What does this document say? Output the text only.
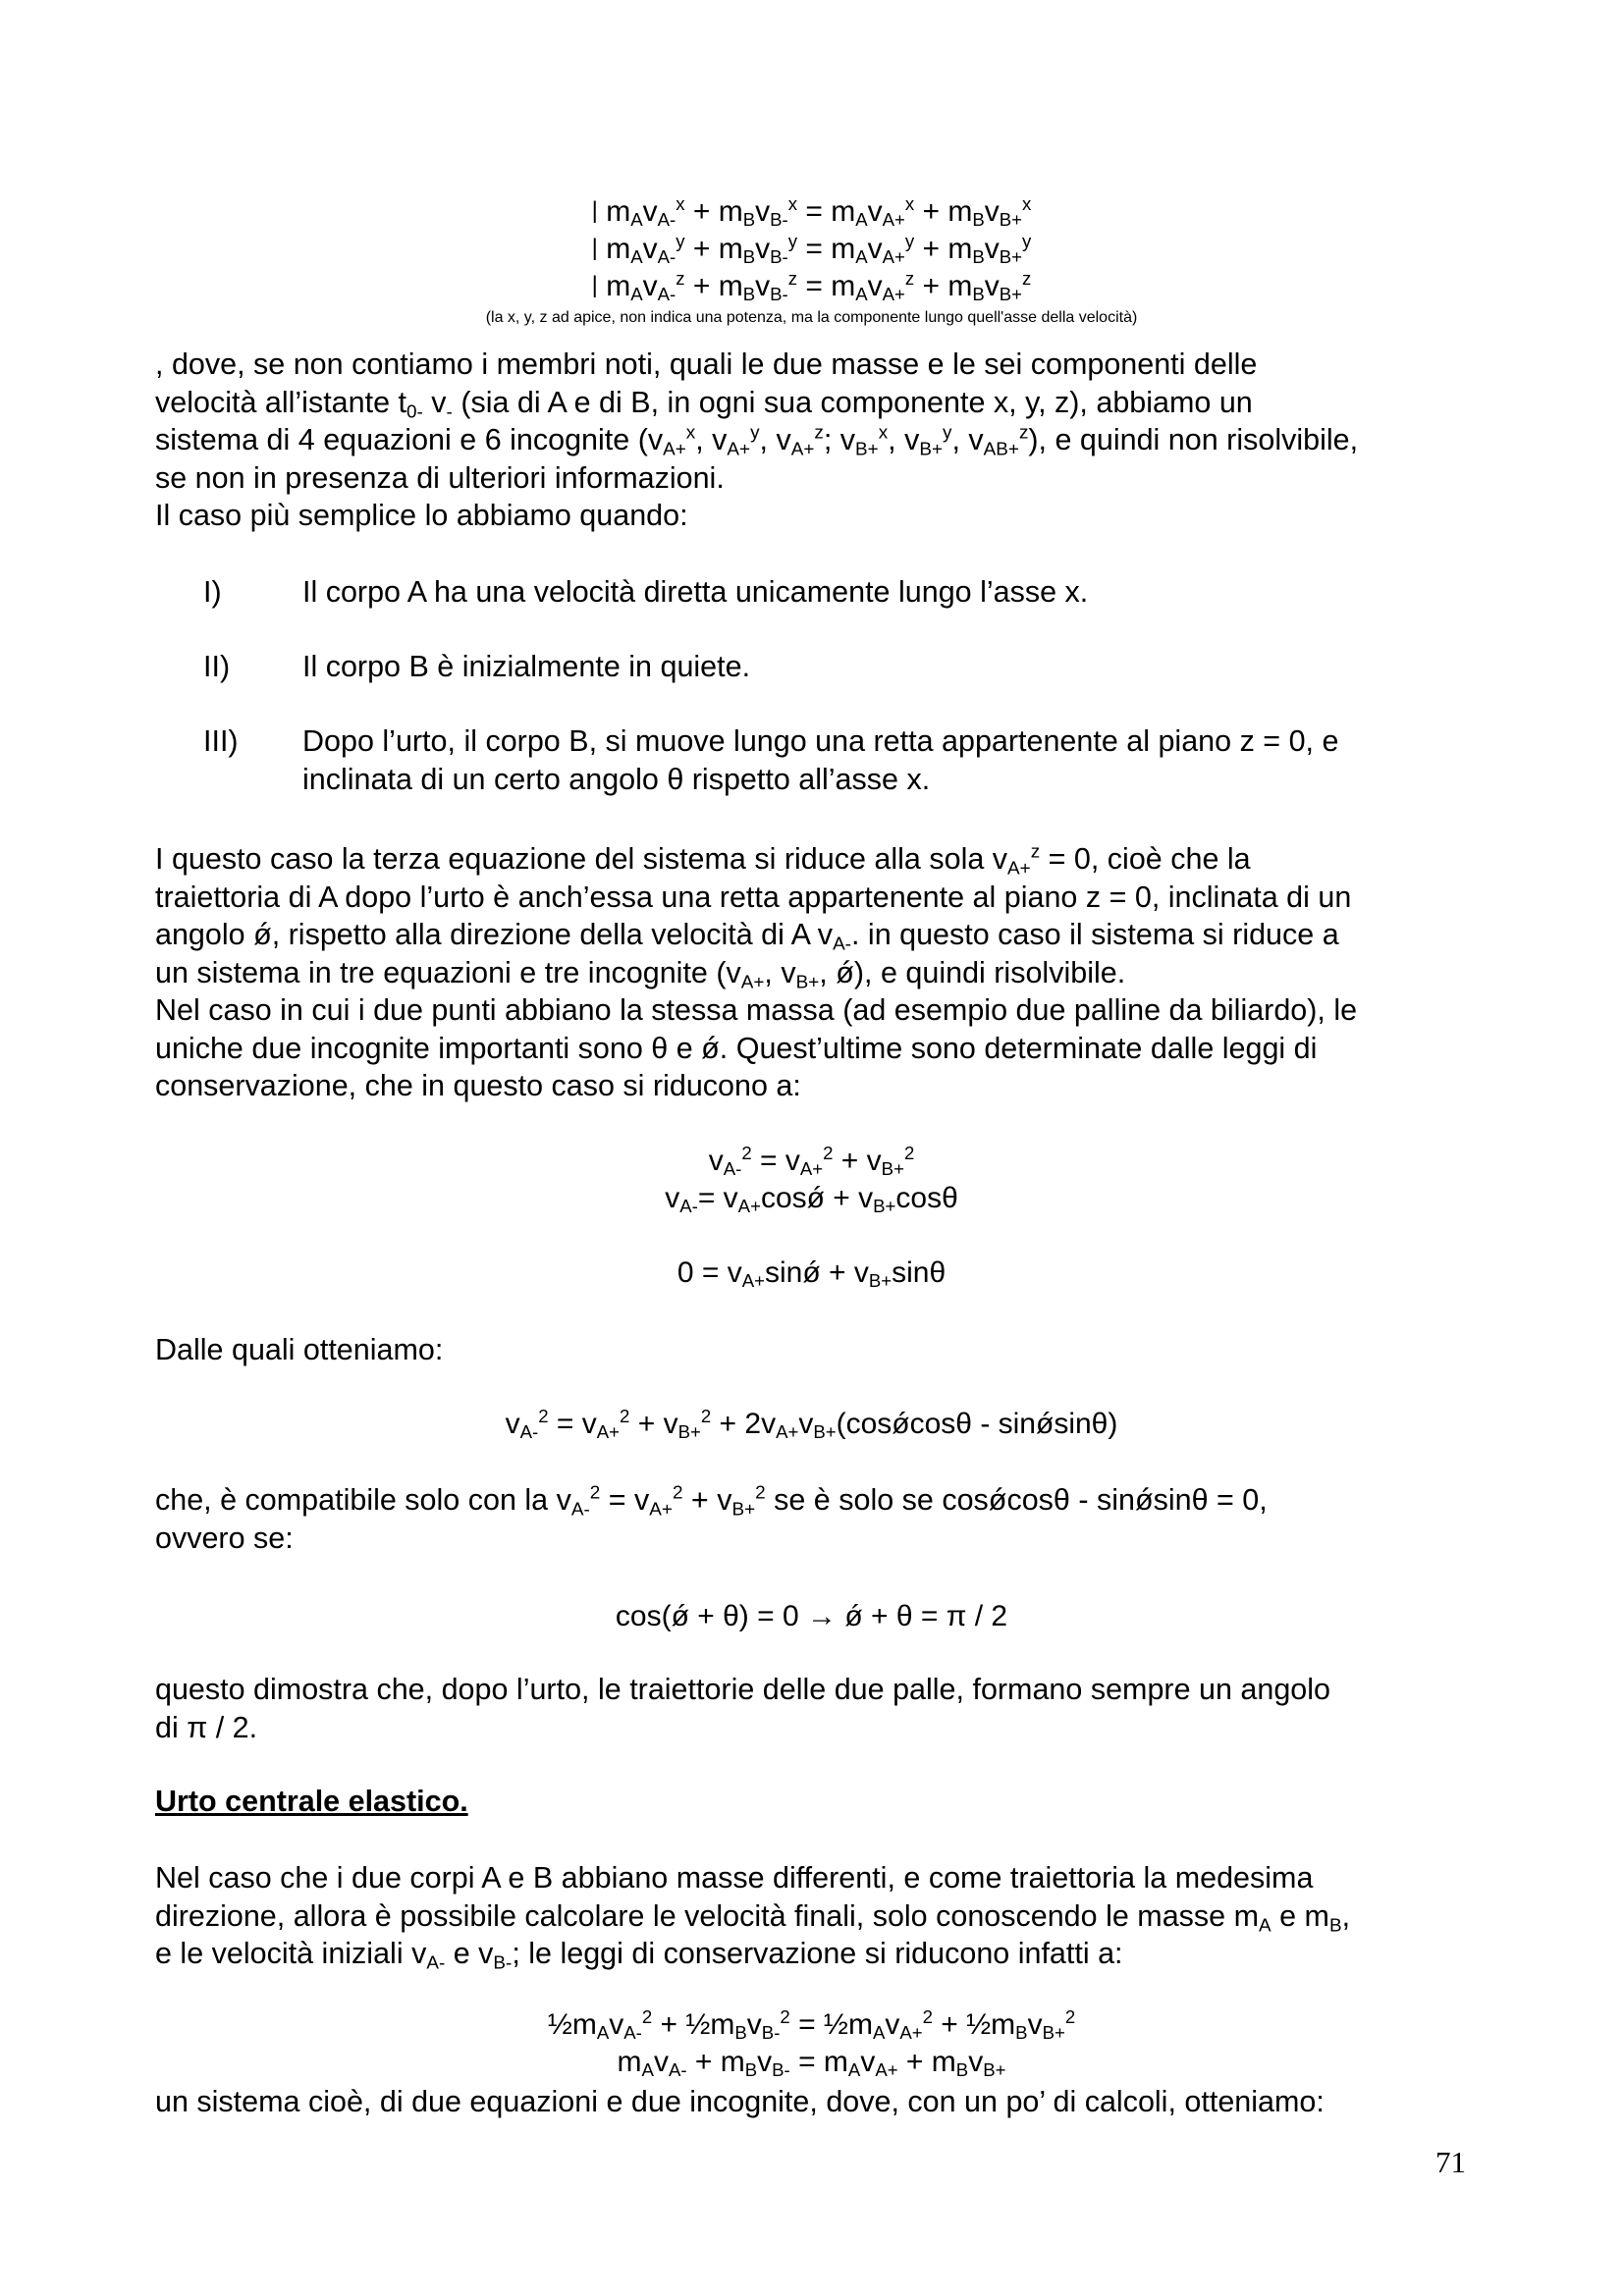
| $m_Av_{A-}^x + m_Bv_{B-}^x = m_Av_{A+}^x + m_Bv_{B+}^x$
| $m_Av_{A-}^y + m_Bv_{B-}^y = m_Av_{A+}^y + m_Bv_{B+}^y$
| $m_Av_{A-}^z + m_Bv_{B-}^z = m_Av_{A+}^z + m_Bv_{B+}^z$
(la x, y, z ad apice, non indica una potenza, ma la componente lungo quell'asse della velocità)
, dove, se non contiamo i membri noti, quali le due masse e le sei componenti delle
velocità all’istante $t_{0-}$ $v_-$ (sia di A e di B, in ogni sua componente x, y, z), abbiamo un
sistema di 4 equazioni e 6 incognite ($v_{A+}^x$, $v_{A+}^y$, $v_{A+}^z$; $v_{B+}^x$, $v_{B+}^y$, $v_{AB+}^z$), e quindi non risolvibile,
se non in presenza di ulteriori informazioni.
Il caso più semplice lo abbiamo quando:
I)	Il corpo A ha una velocità diretta unicamente lungo l’asse x.
II) Il corpo B è inizialmente in quiete.
III) Dopo l’urto, il corpo B, si muove lungo una retta appartenente al piano z = 0, e
inclinata di un certo angolo θ rispetto all’asse x.
I questo caso la terza equazione del sistema si riduce alla sola $v_{A+}^z = 0$, cioè che la
traiettoria di A dopo l’urto è anch’essa una retta appartenente al piano z = 0, inclinata di un
angolo ǿ, rispetto alla direzione della velocità di A $v_{A-}$. in questo caso il sistema si riduce a
un sistema in tre equazioni e tre incognite ($v_{A+}$, $v_{B+}$, ǿ), e quindi risolvibile.
Nel caso in cui i due punti abbiano la stessa massa (ad esempio due palline da biliardo), le
uniche due incognite importanti sono θ e ǿ. Quest’ultime sono determinate dalle leggi di
conservazione, che in questo caso si riducono a:
$v_{A-}^2 = v_{A+}^2 + v_{B+}^2$
$v_{A-}=$ $v_{A+}\cos ǿ + v_{B+}\cos\theta$
$0 = v_{A+}\sin ǿ + v_{B+}\sin\theta$
Dalle quali otteniamo:
$v_{A-}^2 = v_{A+}^2 + v_{B+}^2$ + $2v_{A+}v_{B+}(\cos ǿ\cos\theta$ - sinǿsinθ)
che, è compatibile solo con la $v_{A-}^2 = v_{A+}^2 + v_{B+}^2$ se è solo se cosǿcosθ - sinǿsinθ = 0,
ovvero se:
cos(ǿ + θ) = 0 → ǿ + θ = π / 2
questo dimostra che, dopo l’urto, le traiettorie delle due palle, formano sempre un angolo
di π / 2.
Urto centrale elastico.
Nel caso che i due corpi A e B abbiano masse differenti, e come traiettoria la medesima
direzione, allora è possibile calcolare le velocità finali, solo conoscendo le masse $m_A$ e $m_B$,
e le velocità iniziali $v_{A-}$ e $v_{B-}$; le leggi di conservazione si riducono infatti a:
$\frac{1}{2}m_Av_{A-}^2$ + $\frac{1}{2}m_Bv_{B-}^2$ = $\frac{1}{2}m_Av_{A+}^2$ + $\frac{1}{2}m_Bv_{B+}^2$
$m_Av_{A-} + m_Bv_{B-} = m_Av_{A+} + m_Bv_{B+}$
un sistema cioè, di due equazioni e due incognite, dove, con un po’ di calcoli, otteniamo:
71
